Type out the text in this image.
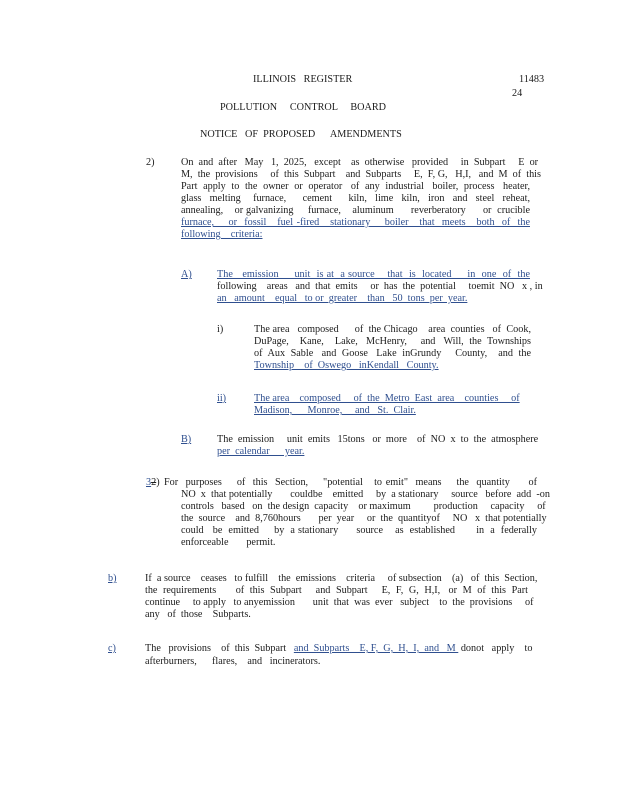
ILLINOIS   REGISTER	11483
24
POLLUTION     CONTROL     BOARD
NOTICE   OF  PROPOSED      AMENDMENTS
2)	On  and  after   May   1,  2025,   except    as  otherwise   provided     in  Subpart     E  or
M,  the  provisions     of  this  Subpart    and  Subparts     E,  F, G,   H,I,   and  M  of  this
Part  apply  to  the  owner  or  operator   of  any  industrial   boiler,  process   heater,
glass  melting   furnace,    cement    kiln,  lime  kiln,  iron  and  steel  reheat,
annealing,    or galvanizing     furnace,    aluminum      reverberatory      or  crucible
furnace,    or  fossil   fuel -fired   stationary    boiler   that  meets   both  of  the
following    criteria:
A) The   emission     unit  is at  a source    that  is  located     in  one  of  the
following    areas   and  that  emits     or  has  the  potential     toemit  NO   x , in
an   amount    equal   to or  greater    than   50  tons  per  year.
i)	The area   composed      of  the Chicago    area  counties   of  Cook,
DuPage,    Kane,    Lake,   McHenry,     and   Will,  the  Townships
of  Aux  Sable   and  Goose   Lake  inGrundy     County,    and  the
Township    of  Oswego   inKendall   County.
ii)	The area    composed     of  the  Metro  East  area    counties     of
Madison,      Monroe,     and   St.  Clair.
B)	The  emission     unit  emits   15tons   or  more    of  NO  x  to  the  atmosphere
per  calendar      year.
32) For  purposes    of  this  Section,    "potential   to emit"  means    the  quantity     of
NO  x  that potentially       couldbe    emitted     by  a stationary     source   before  add  -on
controls   based   on  the design  capacity    or maximum         production     capacity     of
the  source    and  8,760hours       per  year     or  the  quantityof     NO   x  that potentially
could   be  emitted     by  a stationary      source    as  established       in  a  federally
enforceable       permit.
b)	If  a source    ceases   to fulfill    the  emissions    criteria     of subsection    (a)   of  this  Section,
the  requirements       of  this  Subpart     and  Subpart     E,  F,  G,  H,I,   or  M  of  this  Part
continue     to apply   to anyemission       unit  that  was  ever   subject    to  the  provisions     of
any   of  those    Subparts.
c)	The   provisions    of  this  Subpart   and  Subparts    E, F,  G,  H,  I,  and   M  donot   apply    to
afterburners,      flares,    and   incinerators.
